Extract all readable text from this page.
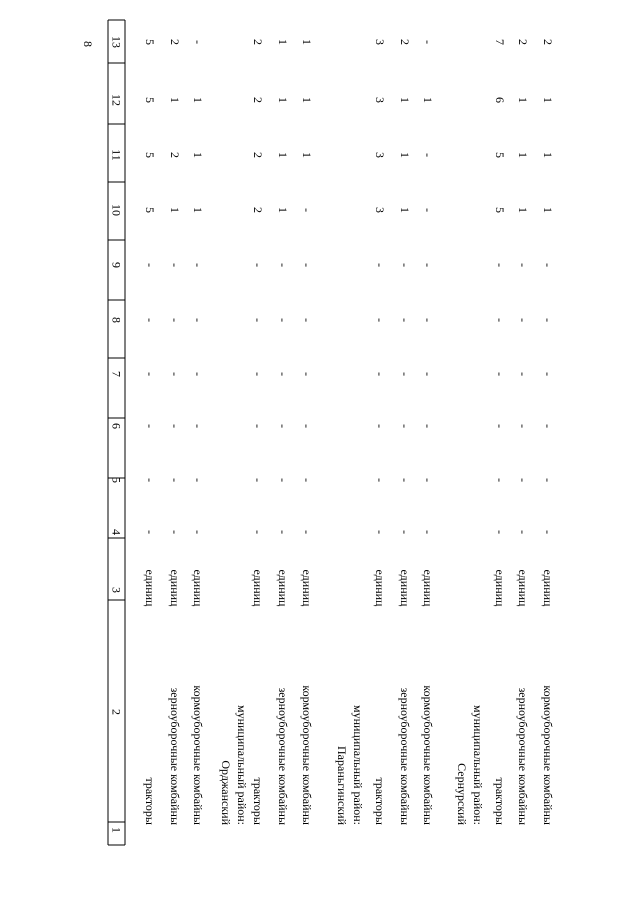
8
1
2
3
4
5
6
7
8
9
10
11
12
13
тракторы
единиц
-
-
-
-
-
-
5
5
5
5
зерноуборочные комбайны
единиц
-
-
-
-
-
-
1
2
1
2
кормоуборочные комбайны
единиц
-
-
-
-
-
-
1
1
1
-
Орджанский муниципальный район: тракторы
единиц
-
-
-
-
-
-
2
2
2
2
зерноуборочные комбайны
единиц
-
-
-
-
-
-
1
1
1
1
кормоуборочные комбайны
единиц
-
-
-
-
-
-
-
1
1
1
Параньгинский муниципальный район: тракторы
единиц
-
-
-
-
-
-
3
3
3
3
зерноуборочные комбайны
единиц
-
-
-
-
-
-
1
1
1
2
кормоуборочные комбайны
единиц
-
-
-
-
-
-
-
-
1
-
Сернурский муниципальный район: тракторы
единиц
-
-
-
-
-
-
5
5
6
7
зерноуборочные комбайны
единиц
-
-
-
-
-
-
1
1
1
2
кормоуборочные комбайны
единиц
-
-
-
-
-
-
1
1
1
2
